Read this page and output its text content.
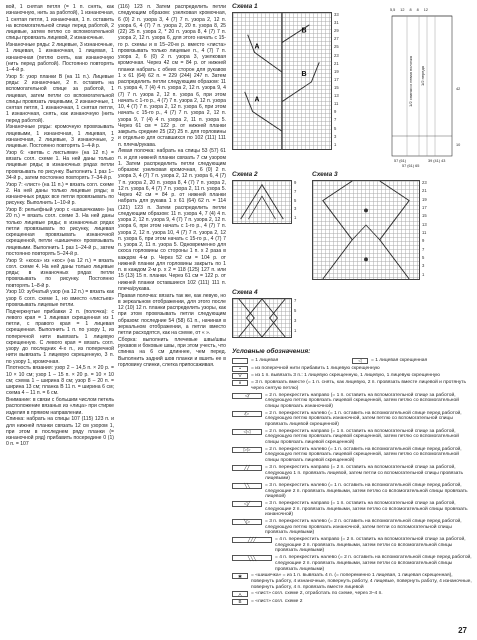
вой, 1 снятая петля (= 1 п. снять, как изнаночную, нить за работой), 1 изнаночная, 1 снятая петля, 1 изнаночная, 1 п. оставить на вспомогательной спице перед работой, 2 лицевые, затем петлю со вспомогательной спицы провязать лицевой, 2 изнаночные.

Изнаночные ряды: 2 лицевые, 3 изнаночные, 1 лицевая, 1 изнаночная, 1 лицевая, 1 изнаночная (петлю снять, как изнаночную (нить перед работой). Постоянно повторять 1–4-й р.

Узор 5: узор планки В (на 11 п.). Лицевые ряды: 2 изнаночные, 2 п. оставить на вспомогательной спице за работой, 1 лицевая, затем петли со вспомогательной спицы провязать лицевыми, 2 изнаночные, 1 снятая петля, 1 изнаночная, 1 снятая петля, 1 изнаночная, снять, как изнаночную (нить перед работой).

Изнаночные ряды: кромочную провязывать лицевыми, 1 изнаночная, 1 лицевая, 1 изнаночная, 2 лицевые, 3 изнаночные, 2 лицевые. Постоянно повторять 1–4-й р.

Узор 6: «ветвь с листьями» (на 12 п.) = вязать согл. схеме 1. На ней даны только лицевые ряды; в изнаночных рядах петли провязывать по рисунку. Выполнить 1 раз 1–34-й р., затем постоянно повторять 7–34-й р.

Узор 7: «лист» (на 11 п.) = вязать согл. схеме 2. На ней даны только лицевые ряды; в изнаночных рядах все петли провязывать по рисунку. Выполнить 1–10-й р.

Узор 8: рельефный узор с «шишечками» (на 20 п.) = вязать согл. схеме 3. На ней даны только лицевые ряды; в изнаночных рядах петли провязывать по рисунку, лицевая скрещенная провязывать изнаночной скрещенной, петли «шишечек» провязывать лицевыми. Выполнить 1 раз 1–24-й р., затем постоянно повторять 5–24-й р.

Узор 9: «коса» из «кос» (на 12 п.) = вязать согл. схеме 4. На ней даны только лицевые ряды; в изнаночных рядах петли провязывать по рисунку. Постоянно повторять 1–8-й р.

Узор 10: зубчатый узор (на 12 п.) = вязать как узор 6 согл. схеме 1, но вместо «листьев» провязывать лицевые петли.

Подчеркнутые прибавки 2 п. (полочка): с левого края = 1 лицевая скрещенная из 1 петли, с правого края = 1 лицевая скрещенная. Выполнить 1 п. по узору 1, из поперечной нити вывязать 1 лицевую скрещенную. С левого края = вязать согл. узору до последних 4-х п., из поперечной нити вывязать 1 лицевую скрещенную, 3 п. по узору 1, кромочная.

Плотность вязания: узор 2 – 14,5 п. × 20 р. = 10 × 10 см; узор 1 – 15 п. × 20 р. = 10 × 10 см; схема 1 – ширина 8 см; узор 8 – 20 п. = ширина 13 см; планка В 11 п. = ширина 6 см; схема 4 – 11 п. = 6 см.

Внимание: в связи с большим числом петель расположение вязаных из «лица» при стирке изделия в прямом направлении.

Спинка: набрать на спицы 107 (115) 123 п. и для нижней планки связать 12 см узором 1, при этом в последнем ряду планки (= изнаночной ряд) прибавить посередине 0 (1) 0 п. = 107

(116) 123 п. Затем распределить петли следующим образом: узелковая кромочная, 6 (0) 2 п. узора 3, 4 (7) 7 п. узора 2, 12 п. узора 6, 4 (7) 7 п. узора 2, 20 п. узора 8, 25 (22) 25 п. узора 2, * 20 п. узора 8, 4 (7) 7 п. узора 2, 12 п. узора 6, для этого начать с 15-го р. схемы и в 15–20-м р. вместо «листа» провязывать только лицевые п., 4 (7) 7 п. узора 2, 6 (0) 2 п. узора 3, узелковая кромочная. Через 42 см = 84 р. от нижней планки набрать с обеих сторон для рукавов 1 х 61 (64) 62 п. = 229 (244) 247 п. Затем распределить петли следующим образом: 11 п. узора 4, 7 (4) 4 п. узора 2, 12 п. узора 9, 4 (7) 7 п. узора 2, 12 п. узора 6, при этом начать с 1-го р., 4 (7) 7 п. узора 2, 12 п. узора 10, 4 (7) 7 п. узора 2, 12 п. узора 6, при этом начать с 15-го р., 4 (7) 7 п. узора 2, 12 п. узора 9, 7 (4) 4 п. узора 2, 11 п. узора 5. Через 61 см = 122 р. от нижней планки закрыть средние 25 (22) 25 п. для горловины и отдельно для оставшихся по 102 (111) 111 п. плеча/рукава.

Левая полочка: набрать на спицы 53 (57) 61 п. и для нижней планки связать 7 см узором 1. Затем распределить петли следующим образом: узелковая кромочная, 6 (0) 2 п. узора 3, 4 (7) 7 п. узора 2, 12 п. узора 6, 4 (7) 7 п. узора 2, 20 п. узора 8, 4 (7) 7 п. узора 2, 12 п. узора 6, 4 (7) 7 п. узора 2, 11 п. узора 5. Через 42 см = 84 р. от нижней планки набрать для рукава 1 х 61 (64) 62 п. = 114 (121) 123 п. Затем распределить петли следующим образом: 11 п. узора 4, 7 (4) 4 п. узора 2, 12 п. узора 9, 4 (7) 7 п. узора 2, 12 п. узора 6, при этом начать с 1-го р., 4 (7) 7 п. узора 2, 12 п. узора 10, 4 (7) 7 п. узора 2, 12 п. узора 6, при этом начать с 15-го р., 4 (7) 7 п. узора 2, 11 п. узора 5. Одновременно для скоса горловины со стороны 1 п. х 2 раза в каждом 4-м р. Через 52 см = 104 р. от нижней планки для горловины закрыть по 1 п. в каждом 2-м р. х 2 = 118 (125) 127 п. или 15 (13) 15 п. планки. Через 61 см = 122 р. от нижней планки оставшиеся 102 (111) 111 п. плеча/рукава.

Правая полочка: вязать так же, как левую, но в зеркальном отображении, для этого после 12 (10) 12 п. планки распределить узоры, как при этом провязывать петли следующим образом: последние 54 (58) 61 п., начиная в зеркальном отображении, а петли вместо петли расходятся, как на схеме, от « ».

Сборка: выполнить плечевые швы/швы рукавов и боковые швы, при этом учесть, что спинка на 6 см длиннее, чем перед. Выполнить задний шов планки и вшить ее в горловину спинки, слегка припосаживая.

Схема 1
A
B
A
B
33
31
29
27
25
23
21
19
17
15
13
11
9
7
5
3
1
5,5 12 8 8 12
1/2 спинки и левая полочка	1/2 переда
57 (61)	39 (41) 43
42
10
57 (61) 65
Схема 2
9
7
5
3
1
Схема 3
23
21
19
17
15
13
11
9
7
5
3
1
Схема 4
7
5
3
1
Условные обозначения:
= 1 лицевая	◁	= 1 лицевая скрещенная
•	= из поперечной нити прибавить 1 лицевую скрещенную
V	= из 1 п. вывязать 3 п.: 1 лицевую скрещенную, 1 лицевую, 1 лицевую скрещенную
∧	= 3 п. провязать вместе (= 1 п. снять, как лицевую, 2 п. провязать вместе лицевой и протянуть через снятую петлю)
◁⁄	= 2 п. перекрестить направо (= 1 п. оставить на вспомогательной спице за работой, следующую петлю провязать лицевой скрещенной, затем петлю со вспомогательной спицы провязать изнаночной)
⁄▷	= 2 п. перекрестить налево (= 1 п. оставить на вспомогательной спице перед работой, следующую петлю провязать изнаночной, затем петлю со вспомогательной спицы провязать лицевой скрещенной)
◁◁	= 2 п. перекрестить направо (= 1 п. оставить на вспомогательной спице за работой, следующую петлю провязать лицевой скрещенной, затем петлю со вспомогательной спицы провязать лицевой скрещенной)
▷▷	= 2 п. перекрестить налево (= 1 п. оставить на вспомогательной спице перед работой, следующую петлю провязать лицевой скрещенной, затем петлю со вспомогательной спицы провязать лицевой скрещенной)
╱╱	= 3 п. перекрестить направо (= 2 п. оставить на вспомогательной спице за работой, следующую 1 п. провязать лицевой, затем петли со вспомогательной спицы провязать лицевыми)
╲╲	= 3 п. перекрестить налево (= 1 п. оставить на вспомогательной спице перед работой, следующие 2 п. провязать лицевыми, затем петлю со вспомогательной спицы провязать лицевой)
◁╱	= 3 п. перекрестить направо (= 1 п. оставить на вспомогательной спице за работой, следующие 2 п. провязать лицевыми, затем петлю со вспомогательной спицы провязать изнаночной)
╲▷	= 3 п. перекрестить налево (= 2 п. оставить на вспомогательной спице перед работой, следующую петлю провязать изнаночной, затем петли со вспомогательной спицы провязать лицевыми)
╱╱╱	= 4 п. перекрестить направо (= 2 п. оставить на вспомогательной спице за работой, следующие 2 п. провязать лицевыми, затем петли со вспомогательной спицы провязать лицевыми)
╲╲╲	= 4 п. перекрестить налево (= 2 п. оставить на вспомогательной спице перед работой, следующие 2 п. провязать лицевыми, затем петли со вспомогательной спицы провязать лицевыми)
✱	= «шишечка» = из 1 п. вывязать 4 п. (= попеременно 1 лицевая, 1 лицевая скрещенная), повернуть работу, 4 изнаночные, повернуть работу, 4 лицевые, повернуть работу, 4 изнаночные, повернуть работу, 4 п. провязать вместе лицевой
A	= «лист» согл. схеме 2, отработать по схеме, через 3–4 п.
B	= «лист» согл. схеме 2
27
